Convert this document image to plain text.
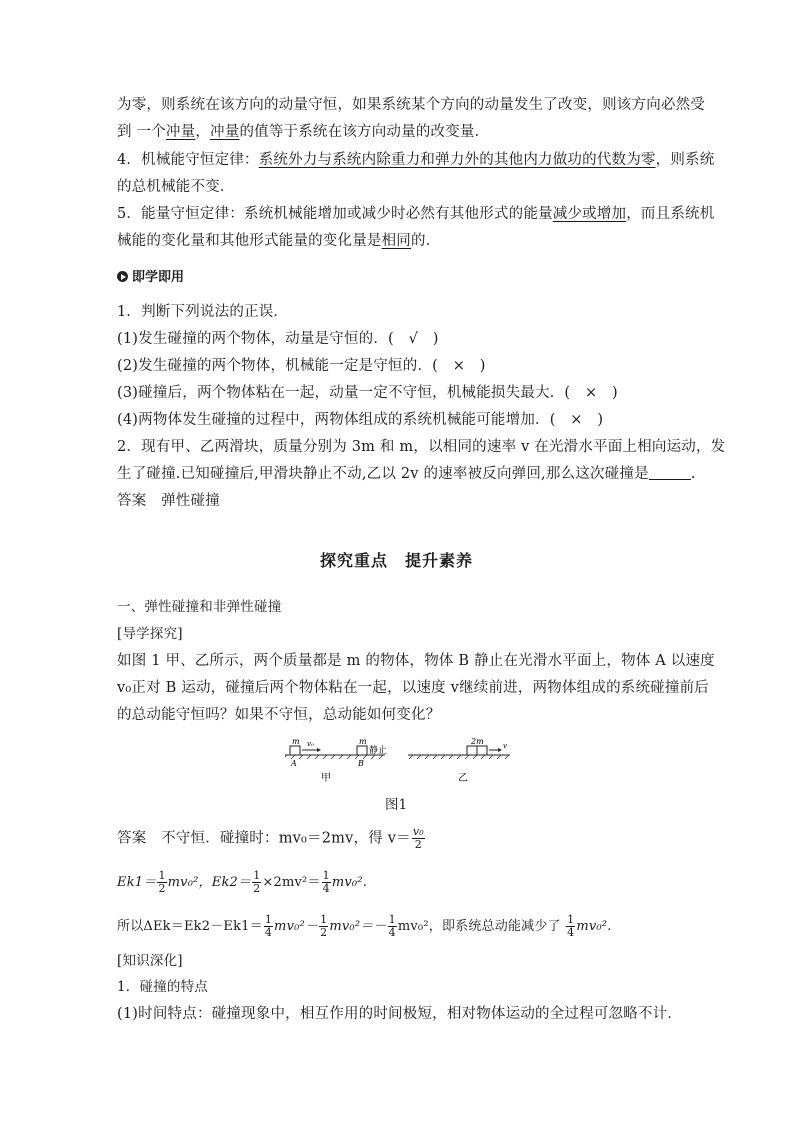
为零，则系统在该方向的动量守恒，如果系统某个方向的动量发生了改变，则该方向必然受
到 一个冲量，冲量的值等于系统在该方向动量的改变量．
4．机械能守恒定律：系统外力与系统内除重力和弹力外的其他内力做功的代数为零，则系统
的总机械能不变．
5．能量守恒定律：系统机械能增加或减少时必然有其他形式的能量减少或增加，而且系统机
械能的变化量和其他形式能量的变化量是相同的．
即学即用
1．判断下列说法的正误．
(1)发生碰撞的两个物体，动量是守恒的．(　√　)
(2)发生碰撞的两个物体，机械能一定是守恒的．(　×　)
(3)碰撞后，两个物体粘在一起，动量一定不守恒，机械能损失最大．(　×　)
(4)两物体发生碰撞的过程中，两物体组成的系统机械能可能增加．(　×　)
2．现有甲、乙两滑块，质量分别为 3m 和 m，以相同的速率 v 在光滑水平面上相向运动，发
生了碰撞.已知碰撞后,甲滑块静止不动,乙以 2v 的速率被反向弹回,那么这次碰撞是	.
答案　弹性碰撞
探究重点　提升素养
一、弹性碰撞和非弹性碰撞
[导学探究]
如图 1 甲、乙所示，两个质量都是 m 的物体，物体 B 静止在光滑水平面上，物体 A 以速度
v₀正对 B 运动，碰撞后两个物体粘在一起，以速度 v继续前进，两物体组成的系统碰撞前后
的总动能守恒吗？如果不守恒，总动能如何变化？
m v₀
A
m
静止
B
甲
2m	v
乙
图1
答案　不守恒．碰撞时：mv₀＝2mv，得 $v= \frac{\text{v₀}}{2}$
$Ek1= \frac{1}{2} mv_0^2$，$Ek2= \frac{1}{2} \times 2mv^2= \frac{1}{4} mv_0^2$.
所以$\Delta Ek=Ek2-Ek1= \frac{1}{4} mv_0^2- \frac{1}{2} mv_0^2=- \frac{1}{4} mv_0^2$，即系统总动能减少了 $\frac{1}{4} mv_0^2$.
[知识深化]
1．碰撞的特点
(1)时间特点：碰撞现象中，相互作用的时间极短，相对物体运动的全过程可忽略不计．
